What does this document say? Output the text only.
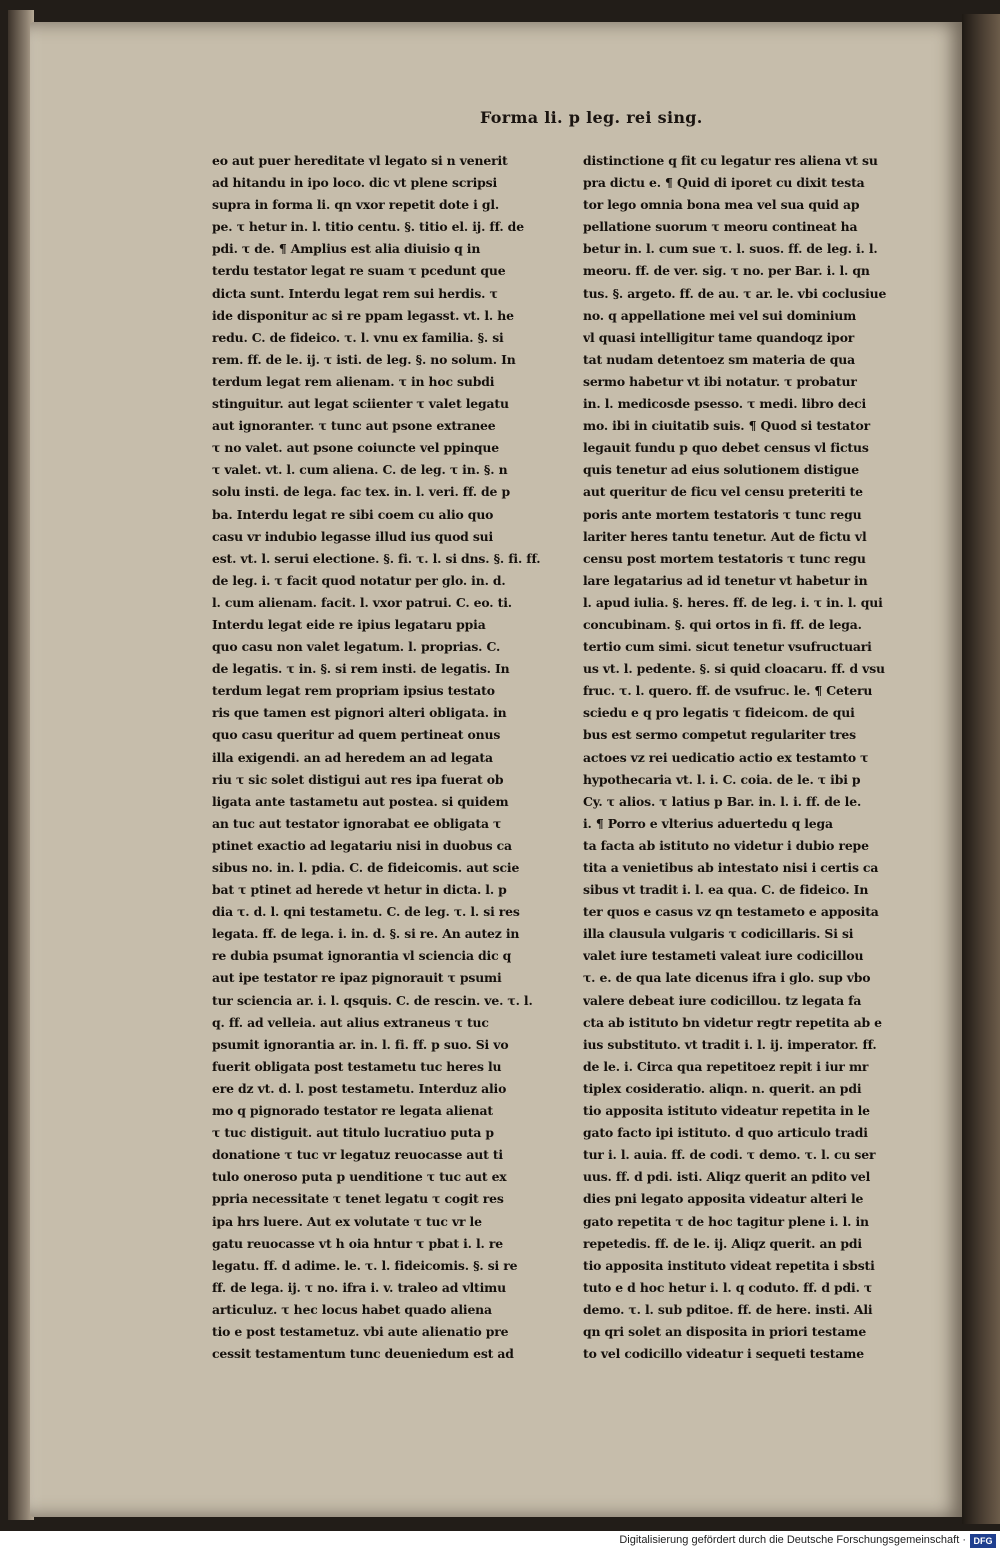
Forma li. p leg. rei sing.
eo aut puer hereditate vl legato si n venerit
ad hitandu in ipo loco. dic vt plene scripsi
supra in forma li. qn vxor repetit dote i gl.
pe. τ hetur in. l. titio centu. §. titio el. ij. ff. de
pdi. τ de. ¶ Amplius est alia diuisio q in
terdu testator legat re suam τ pcedunt que
dicta sunt. Interdu legat rem sui herdis. τ
ide disponitur ac si re ppam legasst. vt. l. he
redu. C. de fideico. τ. l. vnu ex familia. §. si
rem. ff. de le. ij. τ isti. de leg. §. no solum. In
terdum legat rem alienam. τ in hoc subdi
stinguitur. aut legat sciienter τ valet legatu
aut ignoranter. τ tunc aut psone extranee
τ no valet. aut psone coiuncte vel ppinque
τ valet. vt. l. cum aliena. C. de leg. τ in. §. n
solu insti. de lega. fac tex. in. l. veri. ff. de p
ba. Interdu legat re sibi coem cu alio quo
casu vr indubio legasse illud ius quod sui
est. vt. l. serui electione. §. fi. τ. l. si dns. §. fi. ff.
de leg. i. τ facit quod notatur per glo. in. d.
l. cum alienam. facit. l. vxor patrui. C. eo. ti.
Interdu legat eide re ipius legataru ppia
quo casu non valet legatum. l. proprias. C.
de legatis. τ in. §. si rem insti. de legatis. In
terdum legat rem propriam ipsius testato
ris que tamen est pignori alteri obligata. in
quo casu queritur ad quem pertineat onus
illa exigendi. an ad heredem an ad legata
riu τ sic solet distigui aut res ipa fuerat ob
ligata ante tastametu aut postea. si quidem
an tuc aut testator ignorabat ee obligata τ
ptinet exactio ad legatariu nisi in duobus ca
sibus no. in. l. pdia. C. de fideicomis. aut scie
bat τ ptinet ad herede vt hetur in dicta. l. p
dia τ. d. l. qni testametu. C. de leg. τ. l. si res
legata. ff. de lega. i. in. d. §. si re. An autez in
re dubia psumat ignorantia vl sciencia dic q
aut ipe testator re ipaz pignorauit τ psumi
tur sciencia ar. i. l. qsquis. C. de rescin. ve. τ. l.
q. ff. ad velleia. aut alius extraneus τ tuc
psumit ignorantia ar. in. l. fi. ff. p suo. Si vo
fuerit obligata post testametu tuc heres lu
ere dz vt. d. l. post testametu. Interduz alio
mo q pignorado testator re legata alienat
τ tuc distiguit. aut titulo lucratiuo puta p
donatione τ tuc vr legatuz reuocasse aut ti
tulo oneroso puta p uenditione τ tuc aut ex
ppria necessitate τ tenet legatu τ cogit res
ipa hrs luere. Aut ex volutate τ tuc vr le
gatu reuocasse vt h oia hntur τ pbat i. l. re
legatu. ff. d adime. le. τ. l. fideicomis. §. si re
ff. de lega. ij. τ no. ifra i. v. traleo ad vltimu
articuluz. τ hec locus habet quado aliena
tio e post testametuz. vbi aute alienatio pre
cessit testamentum tunc deueniedum est ad
distinctione q fit cu legatur res aliena vt su
pra dictu e. ¶ Quid di iporet cu dixit testa
tor lego omnia bona mea vel sua quid ap
pellatione suorum τ meoru contineat ha
betur in. l. cum sue τ. l. suos. ff. de leg. i. l.
meoru. ff. de ver. sig. τ no. per Bar. i. l. qn
tus. §. argeto. ff. de au. τ ar. le. vbi coclusiue
no. q appellatione mei vel sui dominium
vl quasi intelligitur tame quandoqz ipor
tat nudam detentoez sm materia de qua
sermo habetur vt ibi notatur. τ probatur
in. l. medicosde psesso. τ medi. libro deci
mo. ibi in ciuitatib suis. ¶ Quod si testator
legauit fundu p quo debet census vl fictus
quis tenetur ad eius solutionem distigue
aut queritur de ficu vel censu preteriti te
poris ante mortem testatoris τ tunc regu
lariter heres tantu tenetur. Aut de fictu vl
censu post mortem testatoris τ tunc regu
lare legatarius ad id tenetur vt habetur in
l. apud iulia. §. heres. ff. de leg. i. τ in. l. qui
concubinam. §. qui ortos in fi. ff. de lega.
tertio cum simi. sicut tenetur vsufructuari
us vt. l. pedente. §. si quid cloacaru. ff. d vsu
fruc. τ. l. quero. ff. de vsufruc. le. ¶ Ceteru
sciedu e q pro legatis τ fideicom. de qui
bus est sermo competut regulariter tres
actoes vz rei uedicatio actio ex testamto τ
hypothecaria vt. l. i. C. coia. de le. τ ibi p
Cy. τ alios. τ latius p Bar. in. l. i. ff. de le.
i. ¶ Porro e vlterius aduertedu q lega
ta facta ab istituto no videtur i dubio repe
tita a venietibus ab intestato nisi i certis ca
sibus vt tradit i. l. ea qua. C. de fideico. In
ter quos e casus vz qn testameto e apposita
illa clausula vulgaris τ codicillaris. Si si
valet iure testameti valeat iure codicillou
τ. e. de qua late dicenus ifra i glo. sup vbo
valere debeat iure codicillou. tz legata fa
cta ab istituto bn videtur regtr repetita ab e
ius substituto. vt tradit i. l. ij. imperator. ff.
de le. i. Circa qua repetitoez repit i iur mr
tiplex cosideratio. aliqn. n. querit. an pdi
tio apposita istituto videatur repetita in le
gato facto ipi istituto. d quo articulo tradi
tur i. l. auia. ff. de codi. τ demo. τ. l. cu ser
uus. ff. d pdi. isti. Aliqz querit an pdito vel
dies pni legato apposita videatur alteri le
gato repetita τ de hoc tagitur plene i. l. in
repetedis. ff. de le. ij. Aliqz querit. an pdi
tio apposita instituto videat repetita i sbsti
tuto e d hoc hetur i. l. q coduto. ff. d pdi. τ
demo. τ. l. sub pditoe. ff. de here. insti. Ali
qn qri solet an disposita in priori testame
to vel codicillo videatur i sequeti testame
Digitalisierung gefördert durch die Deutsche Forschungsgemeinschaft · DFG
